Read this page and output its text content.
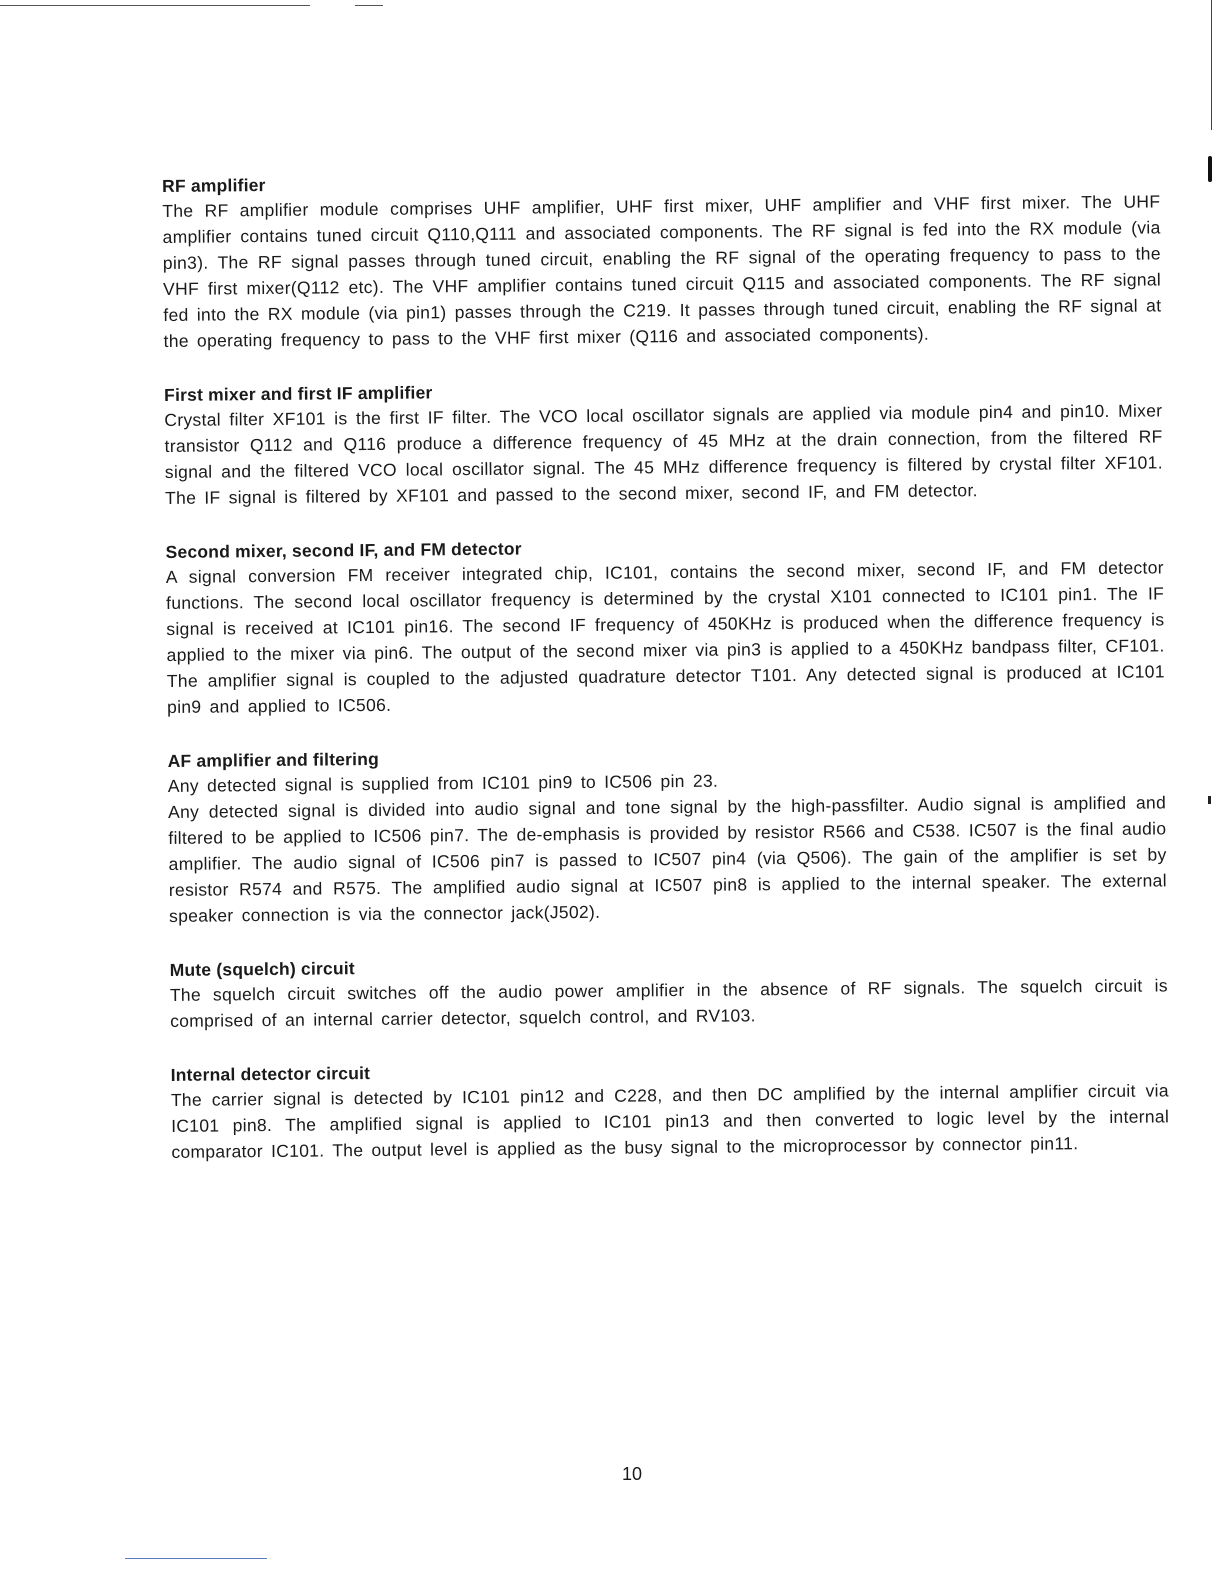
RF amplifier

The RF amplifier module comprises UHF amplifier, UHF first mixer, UHF amplifier and VHF first mixer. The UHF amplifier contains tuned circuit Q110,Q111 and associated components. The RF signal is fed into the RX module (via pin3). The RF signal passes through tuned circuit, enabling the RF signal of the operating frequency to pass to the VHF first mixer(Q112 etc). The VHF amplifier contains tuned circuit Q115 and associated components. The RF signal fed into the RX module (via pin1) passes through the C219. It passes through tuned circuit, enabling the RF signal at the operating frequency to pass to the VHF first mixer (Q116 and associated components).

First mixer and first IF amplifier

Crystal filter XF101 is the first IF filter. The VCO local oscillator signals are applied via module pin4 and pin10. Mixer transistor Q112 and Q116 produce a difference frequency of 45 MHz at the drain connection, from the filtered RF signal and the filtered VCO local oscillator signal. The 45 MHz difference frequency is filtered by crystal filter XF101. The IF signal is filtered by XF101 and passed to the second mixer, second IF, and FM detector.

Second mixer, second IF, and FM detector

A signal conversion FM receiver integrated chip, IC101, contains the second mixer, second IF, and FM detector functions. The second local oscillator frequency is determined by the crystal X101 connected to IC101 pin1. The IF signal is received at IC101 pin16. The second IF frequency of 450KHz is produced when the difference frequency is applied to the mixer via pin6. The output of the second mixer via pin3 is applied to a 450KHz bandpass filter, CF101. The amplifier signal is coupled to the adjusted quadrature detector T101. Any detected signal is produced at IC101 pin9 and applied to IC506.

AF amplifier and filtering

Any detected signal is supplied from IC101 pin9 to IC506 pin 23.

Any detected signal is divided into audio signal and tone signal by the high-passfilter. Audio signal is amplified and filtered to be applied to IC506 pin7. The de-emphasis is provided by resistor R566 and C538. IC507 is the final audio amplifier. The audio signal of IC506 pin7 is passed to IC507 pin4 (via Q506). The gain of the amplifier is set by resistor R574 and R575. The amplified audio signal at IC507 pin8 is applied to the internal speaker. The external speaker connection is via the connector jack(J502).

Mute (squelch) circuit

The squelch circuit switches off the audio power amplifier in the absence of RF signals. The squelch circuit is comprised of an internal carrier detector, squelch control, and RV103.

Internal detector circuit

The carrier signal is detected by IC101 pin12 and C228, and then DC amplified by the internal amplifier circuit via IC101 pin8. The amplified signal is applied to IC101 pin13 and then converted to logic level by the internal comparator IC101. The output level is applied as the busy signal to the microprocessor by connector pin11.

10
